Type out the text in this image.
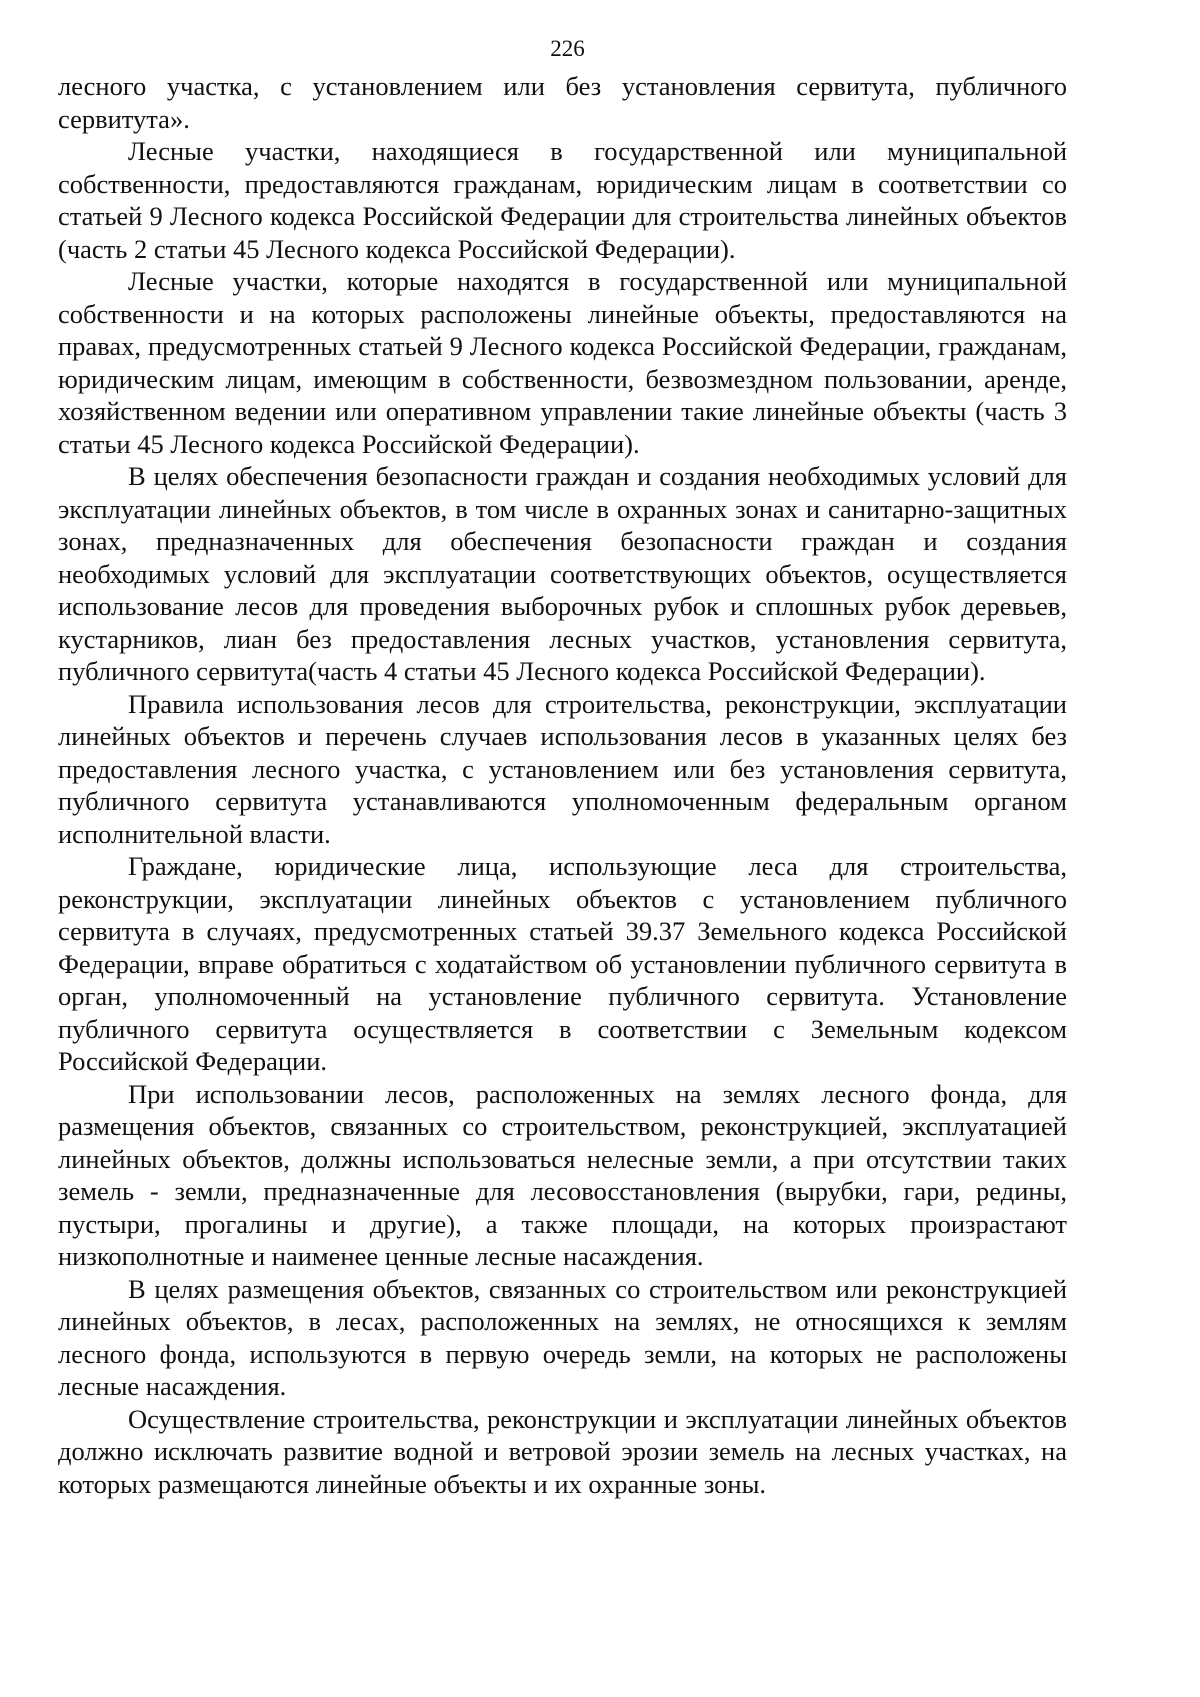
226

лесного участка, с установлением или без установления сервитута, публичного сервитута».

Лесные участки, находящиеся в государственной или муниципальной собственности, предоставляются гражданам, юридическим лицам в соответствии со статьей 9 Лесного кодекса Российской Федерации для строительства линейных объектов (часть 2 статьи 45 Лесного кодекса Российской Федерации).

Лесные участки, которые находятся в государственной или муниципальной собственности и на которых расположены линейные объекты, предоставляются на правах, предусмотренных статьей 9 Лесного кодекса Российской Федерации, гражданам, юридическим лицам, имеющим в собственности, безвозмездном пользовании, аренде, хозяйственном ведении или оперативном управлении такие линейные объекты (часть 3 статьи 45 Лесного кодекса Российской Федерации).

В целях обеспечения безопасности граждан и создания необходимых условий для эксплуатации линейных объектов, в том числе в охранных зонах и санитарно-защитных зонах, предназначенных для обеспечения безопасности граждан и создания необходимых условий для эксплуатации соответствующих объектов, осуществляется использование лесов для проведения выборочных рубок и сплошных рубок деревьев, кустарников, лиан без предоставления лесных участков, установления сервитута, публичного сервитута(часть 4 статьи 45 Лесного кодекса Российской Федерации).

Правила использования лесов для строительства, реконструкции, эксплуатации линейных объектов и перечень случаев использования лесов в указанных целях без предоставления лесного участка, с установлением или без установления сервитута, публичного сервитута устанавливаются уполномоченным федеральным органом исполнительной власти.

Граждане, юридические лица, использующие леса для строительства, реконструкции, эксплуатации линейных объектов с установлением публичного сервитута в случаях, предусмотренных статьей 39.37 Земельного кодекса Российской Федерации, вправе обратиться с ходатайством об установлении публичного сервитута в орган, уполномоченный на установление публичного сервитута. Установление публичного сервитута осуществляется в соответствии с Земельным кодексом Российской Федерации.

При использовании лесов, расположенных на землях лесного фонда, для размещения объектов, связанных со строительством, реконструкцией, эксплуатацией линейных объектов, должны использоваться нелесные земли, а при отсутствии таких земель - земли, предназначенные для лесовосстановления (вырубки, гари, редины, пустыри, прогалины и другие), а также площади, на которых произрастают низкополнотные и наименее ценные лесные насаждения.

В целях размещения объектов, связанных со строительством или реконструкцией линейных объектов, в лесах, расположенных на землях, не относящихся к землям лесного фонда, используются в первую очередь земли, на которых не расположены лесные насаждения.

Осуществление строительства, реконструкции и эксплуатации линейных объектов должно исключать развитие водной и ветровой эрозии земель на лесных участках, на которых размещаются линейные объекты и их охранные зоны.
